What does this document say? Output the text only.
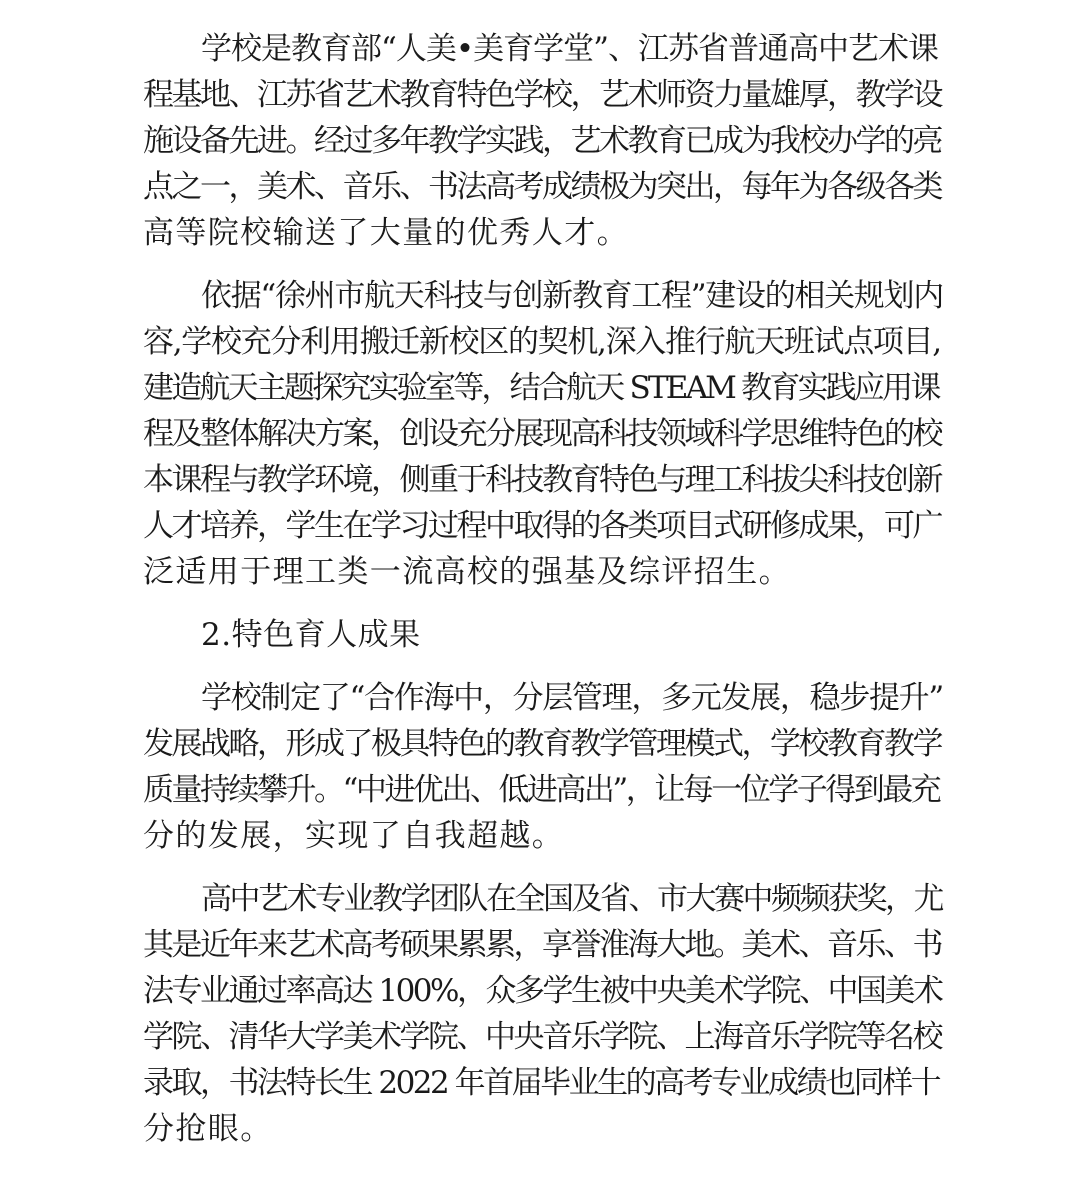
学校是教育部“人美•美育学堂”、江苏省普通高中艺术课
程基地、江苏省艺术教育特色学校，艺术师资力量雄厚，教学设
施设备先进。经过多年教学实践，艺术教育已成为我校办学的亮
点之一，美术、音乐、书法高考成绩极为突出，每年为各级各类
高等院校输送了大量的优秀人才。
依据“徐州市航天科技与创新教育工程”建设的相关规划内
容,学校充分利用搬迁新校区的契机,深入推行航天班试点项目,
建造航天主题探究实验室等，结合航天 STEAM 教育实践应用课
程及整体解决方案，创设充分展现高科技领域科学思维特色的校
本课程与教学环境，侧重于科技教育特色与理工科拔尖科技创新
人才培养，学生在学习过程中取得的各类项目式研修成果，可广
泛适用于理工类一流高校的强基及综评招生。
2.特色育人成果
学校制定了“合作海中，分层管理，多元发展，稳步提升”
发展战略，形成了极具特色的教育教学管理模式，学校教育教学
质量持续攀升。“中进优出、低进高出”，让每一位学子得到最充
分的发展，实现了自我超越。
高中艺术专业教学团队在全国及省、市大赛中频频获奖，尤
其是近年来艺术高考硕果累累，享誉淮海大地。美术、音乐、书
法专业通过率高达 100%，众多学生被中央美术学院、中国美术
学院、清华大学美术学院、中央音乐学院、上海音乐学院等名校
录取，书法特长生 2022 年首届毕业生的高考专业成绩也同样十
分抢眼。
